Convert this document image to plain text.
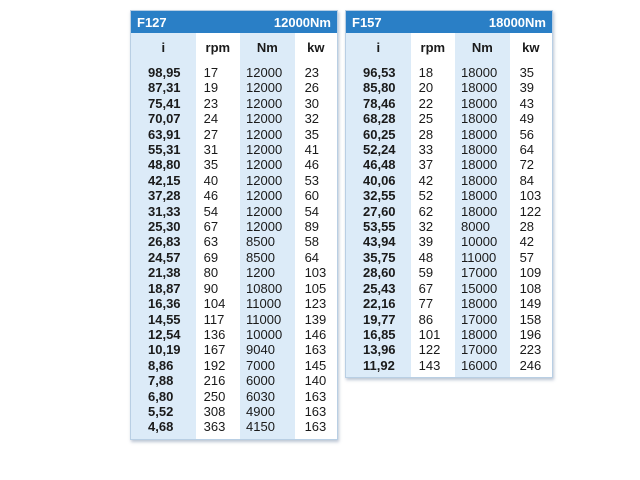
F127	12000Nm
i	rpm	Nm	kw
98,95	17	12000	23
87,31	19	12000	26
75,41	23	12000	30
70,07	24	12000	32
63,91	27	12000	35
55,31	31	12000	41
48,80	35	12000	46
42,15	40	12000	53
37,28	46	12000	60
31,33	54	12000	54
25,30	67	12000	89
26,83	63	8500	58
24,57	69	8500	64
21,38	80	1200	103
18,87	90	10800	105
16,36	104	11000	123
14,55	117	11000	139
12,54	136	10000	146
10,19	167	9040	163
8,86	192	7000	145
7,88	216	6000	140
6,80	250	6030	163
5,52	308	4900	163
4,68	363	4150	163
F157	18000Nm
i	rpm	Nm	kw
96,53	18	18000	35
85,80	20	18000	39
78,46	22	18000	43
68,28	25	18000	49
60,25	28	18000	56
52,24	33	18000	64
46,48	37	18000	72
40,06	42	18000	84
32,55	52	18000	103
27,60	62	18000	122
53,55	32	8000	28
43,94	39	10000	42
35,75	48	11000	57
28,60	59	17000	109
25,43	67	15000	108
22,16	77	18000	149
19,77	86	17000	158
16,85	101	18000	196
13,96	122	17000	223
11,92	143	16000	246
